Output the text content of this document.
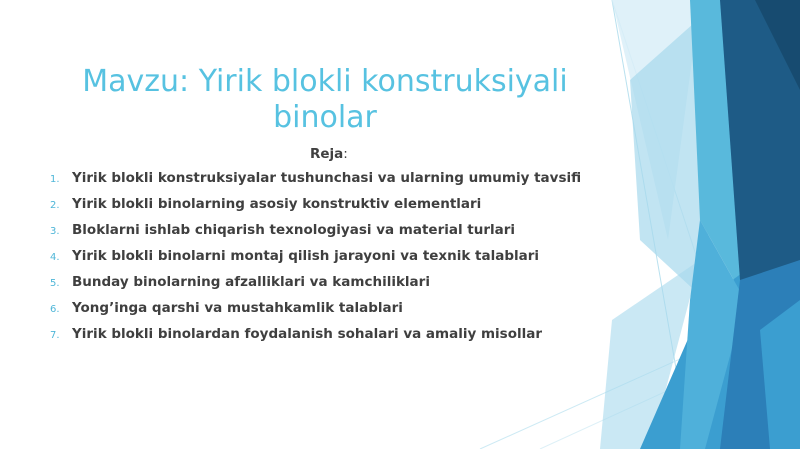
Mavzu: Yirik blokli konstruksiyali
binolar
Reja:
1. Yirik blokli konstruksiyalar tushunchasi va ularning umumiy tavsifi
2. Yirik blokli binolarning asosiy konstruktiv elementlari
3. Bloklarni ishlab chiqarish texnologiyasi va material turlari
4. Yirik blokli binolarni montaj qilish jarayoni va texnik talablari
5. Bunday binolarning afzalliklari va kamchiliklari
6. Yong’inga qarshi va mustahkamlik talablari
7. Yirik blokli binolardan foydalanish sohalari va amaliy misollar
